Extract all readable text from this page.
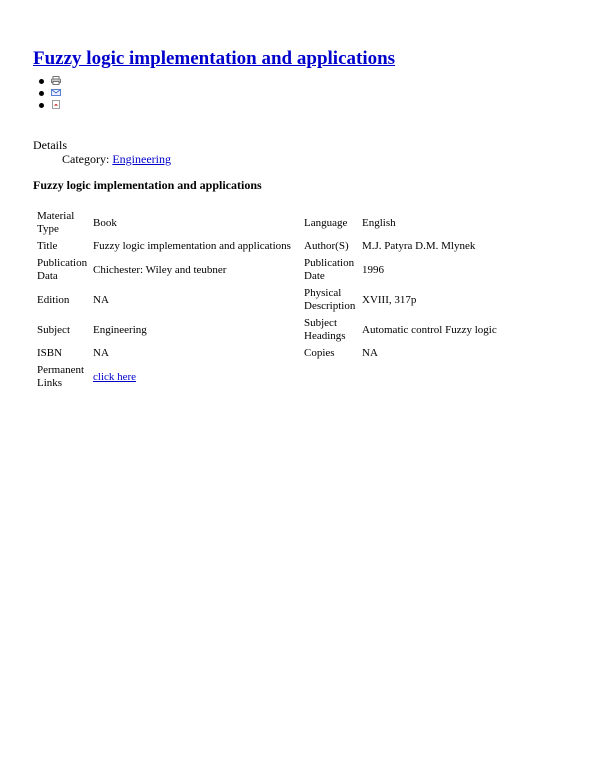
Fuzzy logic implementation and applications
Details
Category: Engineering
Fuzzy logic implementation and applications
Material Type	Book	Language	English
Title	Fuzzy logic implementation and applications	Author(S)	M.J. Patyra D.M. Mlynek
Publication Data	Chichester: Wiley and teubner	Publication Date	1996
Edition	NA	Physical Description	XVIII, 317p
Subject	Engineering	Subject Headings	Automatic control Fuzzy logic
ISBN	NA	Copies	NA
Permanent Links	click here		
